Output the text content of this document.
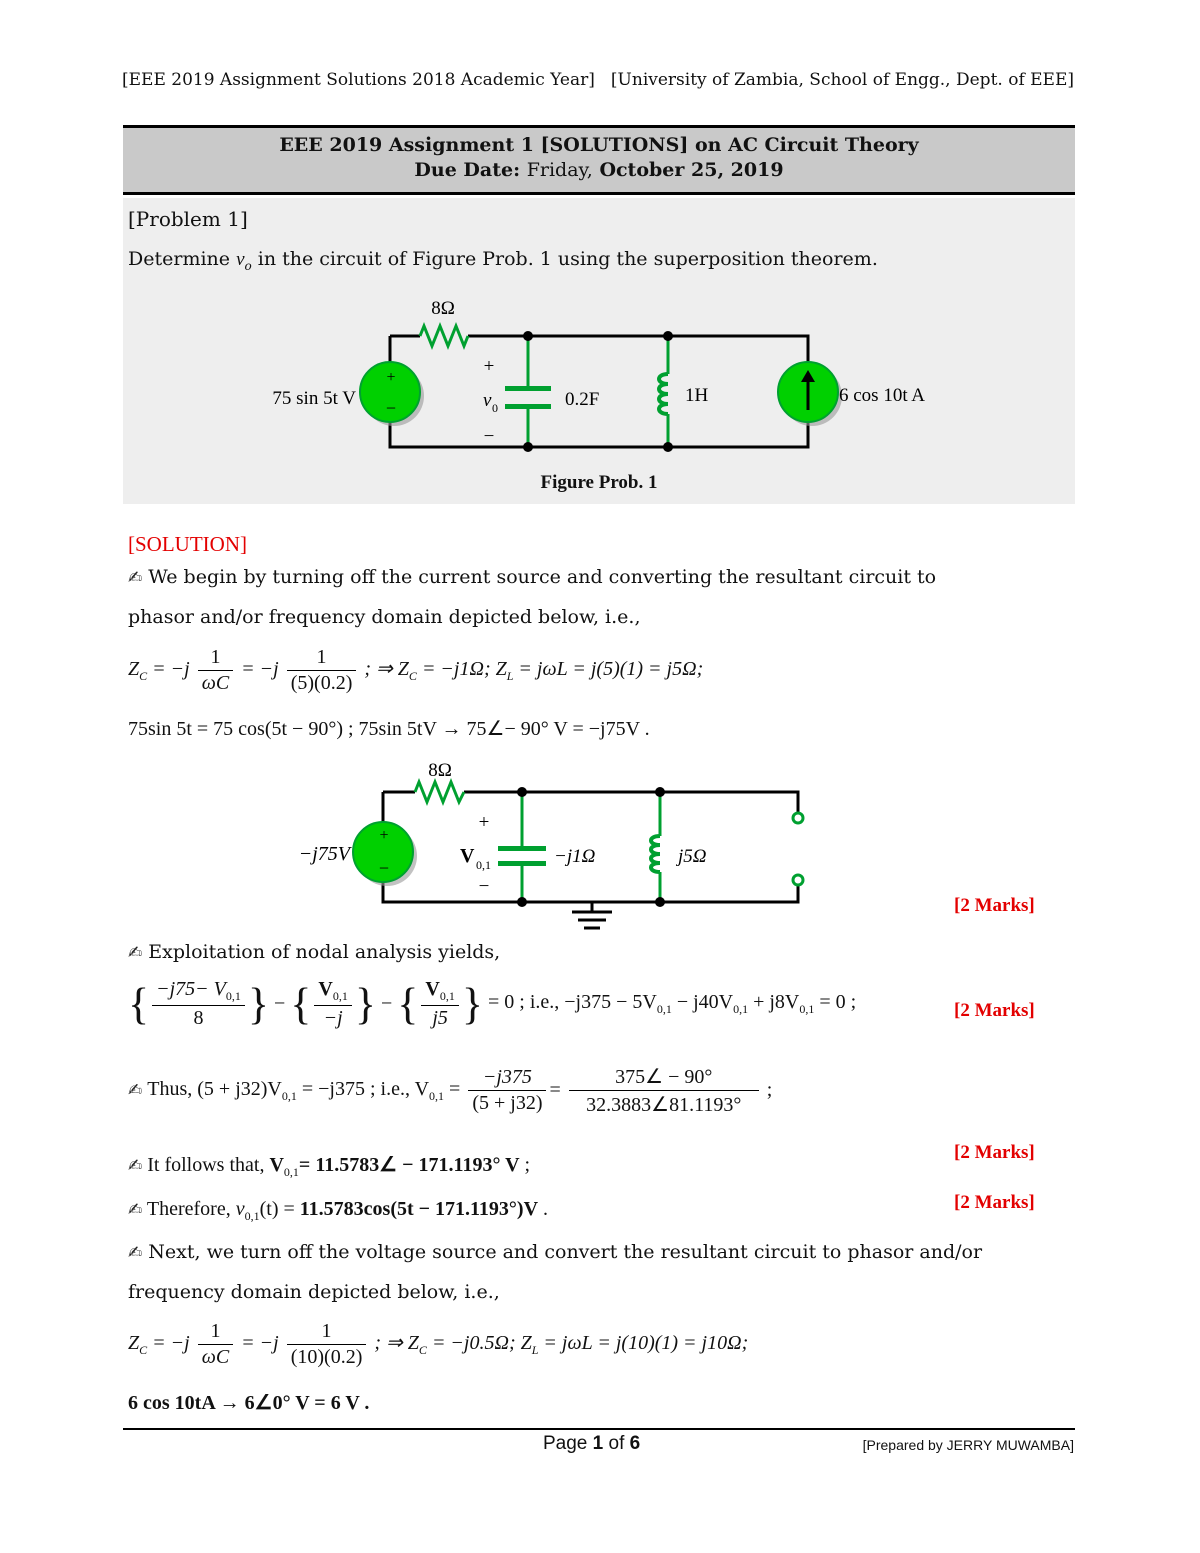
[EEE 2019 Assignment Solutions 2018 Academic Year] [University of Zambia, School of Engg., Dept. of EEE]
EEE 2019 Assignment 1 [SOLUTIONS] on AC Circuit Theory
Due Date: Friday, October 25, 2019
[Problem 1]
Determine $v_o$ in the circuit of Figure Prob. 1 using the superposition theorem.
+
−
8Ω
75 sin 5t V
+
v 0
−
0.2F	1H	6 cos 10t A
Figure Prob. 1
[SOLUTION]
✍ We begin by turning off the current source and converting the resultant circuit to
phasor and/or frequency domain depicted below, i.e.,
$Z_C = -j \frac{1}{\omega C} = -j \frac{1}{(5)(0.2)}$ ; ⇒ $Z_C = -j1\Omega$; $Z_L = j\omega L = j(5)(1) = j5\Omega$;
75sin 5t = 75 cos(5t − 90°) ; 75sin 5tV → 75∠− 90° V = −j75V .
+
−
8Ω
−j75V
+
V 0,1
−
−j1Ω	j5Ω
[2 Marks]
✍ Exploitation of nodal analysis yields,
{ $\frac{-j75- V_{0,1}}{8}$ } − { $\frac{V_{0,1}}{-j}$ } − { $\frac{V_{0,1}}{j5}$ } = 0 ; i.e., $-j375 - 5V_{0,1} - j40V_{0,1} + j8V_{0,1} = 0$ ;	[2 Marks]
✍ Thus, $(5 + j32)V_{0,1} = -j375$ ; i.e., $V_{0,1} = \frac{-j375}{(5 + j32)} = \frac{375\angle - 90^\circ}{32.3883\angle 81.1193^\circ}$ ;
✍ It follows that, $V_{0,1}=$ 11.5783∠ − 171.1193° V ;
[2 Marks]
✍ Therefore, $v_{0,1}(t) = 11.5783\cos(5t - 171.1193^\circ)V$ .	[2 Marks]
✍ Next, we turn off the voltage source and convert the resultant circuit to phasor and/or
frequency domain depicted below, i.e.,
$Z_C = -j \frac{1}{\omega C} = -j \frac{1}{(10)(0.2)}$ ; ⇒ $Z_C = -j0.5\Omega$; $Z_L = j\omega L = j(10)(1) = j10\Omega$;
6 cos 10tA → 6∠0° V = 6 V .
Page 1 of 6	[Prepared by JERRY MUWAMBA]
